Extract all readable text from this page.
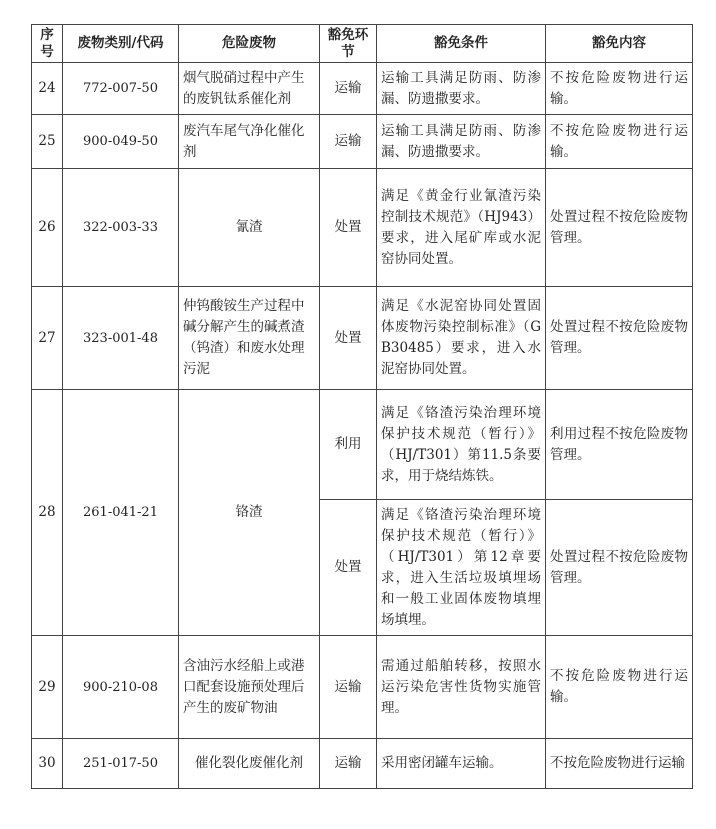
序号	废物类别/代码	危险废物	豁免环节	豁免条件	豁免内容
24	772-007-50	烟气脱硝过程中产生的废钒钛系催化剂	运输	运输工具满足防雨、防渗漏、防遗撒要求。	不按危险废物进行运输。
25	900-049-50	废汽车尾气净化催化剂	运输	运输工具满足防雨、防渗漏、防遗撒要求。	不按危险废物进行运输。
26	322-003-33	氰渣	处置	满足《黄金行业氰渣污染控制技术规范》（HJ943）要求，进入尾矿库或水泥窑协同处置。	处置过程不按危险废物管理。
27	323-001-48	仲钨酸铵生产过程中碱分解产生的碱煮渣（钨渣）和废水处理污泥	处置	满足《水泥窑协同处置固体废物污染控制标准》（GB30485）要求，进入水泥窑协同处置。	处置过程不按危险废物管理。
28	261-041-21	铬渣	利用	满足《铬渣污染治理环境保护技术规范（暂行）》（HJ/T301）第11.5条要求，用于烧结炼铁。	利用过程不按危险废物管理。
			处置	满足《铬渣污染治理环境保护技术规范（暂行）》（HJ/T301）第12章要求，进入生活垃圾填埋场和一般工业固体废物填埋场填埋。	处置过程不按危险废物管理。
29	900-210-08	含油污水经船上或港口配套设施预处理后产生的废矿物油	运输	需通过船舶转移，按照水运污染危害性货物实施管理。	不按危险废物进行运输。
30	251-017-50	催化裂化废催化剂	运输	采用密闭罐车运输。	不按危险废物进行运输
